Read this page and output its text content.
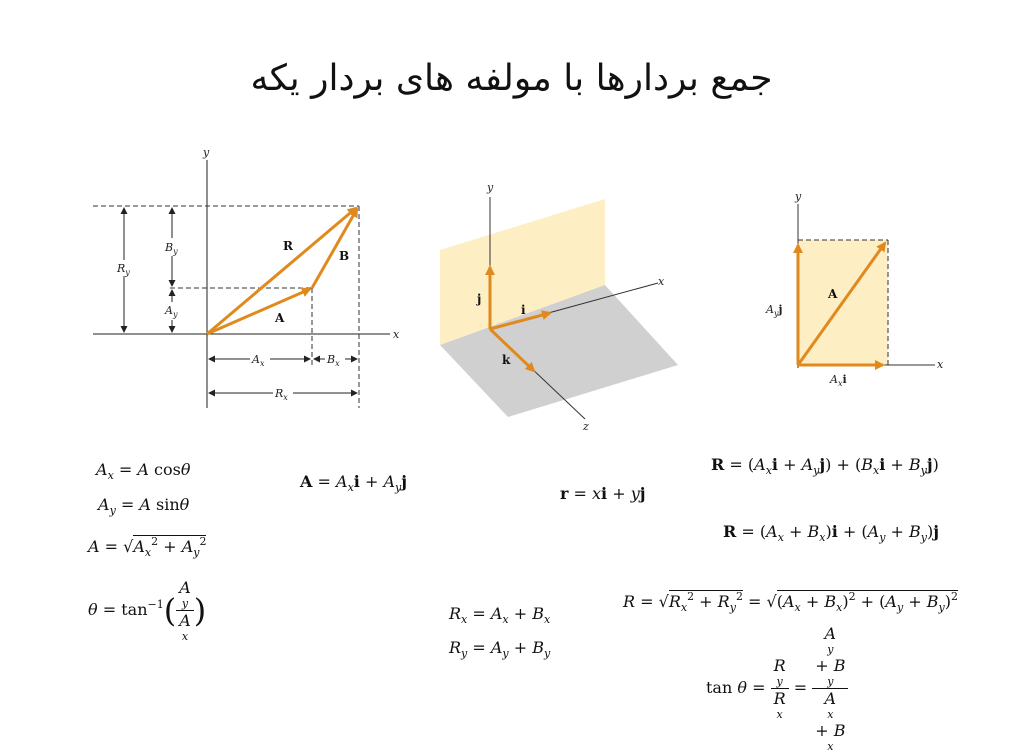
جمع بردارها با مولفه های بردار یکه
y
x
$R_y$
$B_y$
$A_y$
$A_x$	$B_x$
$R_x$
R
B
A
y
x
z
j
i
k
y
x
A
$A_yj$
$A_xi$
$A_x = A$ cosθ
$A_y = A$ sinθ
$A = √A_x^2 + A_y^2$
$\theta = \tan^{-1}$( A
y
A
x )
$A = A_xi + A_yj$
r = xi + yj
$R = (A_xi + A_yj) + (B_xi + B_yj)$
$R = (A_x + B_x)i + (A_y + B_y)j$
$R_x = A_x + B_x$
$R_y = A_y + B_y$
$R = √R_x^2 + R_y^2 = √(A_x + B_x)^2 + (A_y + B_y)^2$
tan θ = R
y
R
x = A
y
+ B
y
A
x
+ B
x
